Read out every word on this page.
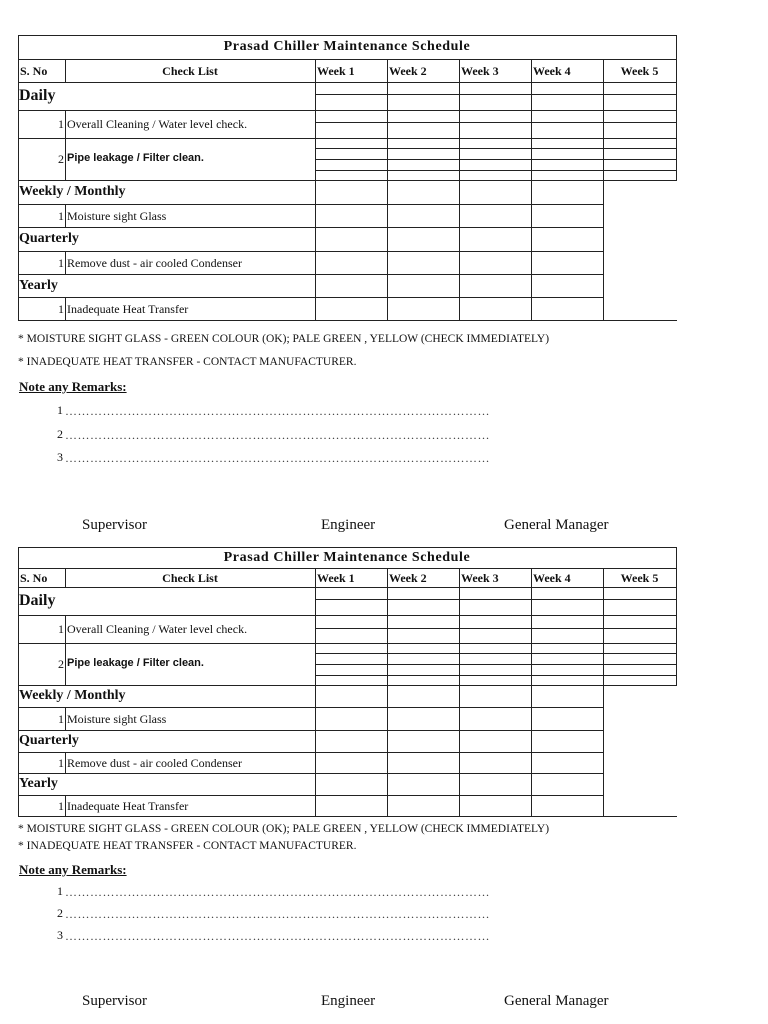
Prasad Chiller Maintenance Schedule
S. No	Check List	Week 1	Week 2	Week 3	Week 4	Week 5
Daily
1 Overall Cleaning / Water level check.
2 Pipe leakage / Filter clean.
Weekly / Monthly
1 Moisture sight Glass
Quarterly
1 Remove dust - air cooled Condenser
Yearly
1 Inadequate Heat Transfer
* MOISTURE SIGHT GLASS - GREEN COLOUR (OK); PALE GREEN , YELLOW (CHECK IMMEDIATELY)
* INADEQUATE HEAT TRANSFER - CONTACT MANUFACTURER.
Note any Remarks:
1 …………………………………………………………………………………………
2 …………………………………………………………………………………………
3 …………………………………………………………………………………………
Supervisor	Engineer	General Manager
Prasad Chiller Maintenance Schedule
S. No	Check List	Week 1	Week 2	Week 3	Week 4	Week 5
Daily
1 Overall Cleaning / Water level check.
2 Pipe leakage / Filter clean.
Weekly / Monthly
1 Moisture sight Glass
Quarterly
1 Remove dust - air cooled Condenser
Yearly
1 Inadequate Heat Transfer
* MOISTURE SIGHT GLASS - GREEN COLOUR (OK); PALE GREEN , YELLOW (CHECK IMMEDIATELY)
* INADEQUATE HEAT TRANSFER - CONTACT MANUFACTURER.
Note any Remarks:
1 …………………………………………………………………………………………
2 …………………………………………………………………………………………
3 …………………………………………………………………………………………
Supervisor	Engineer	General Manager
